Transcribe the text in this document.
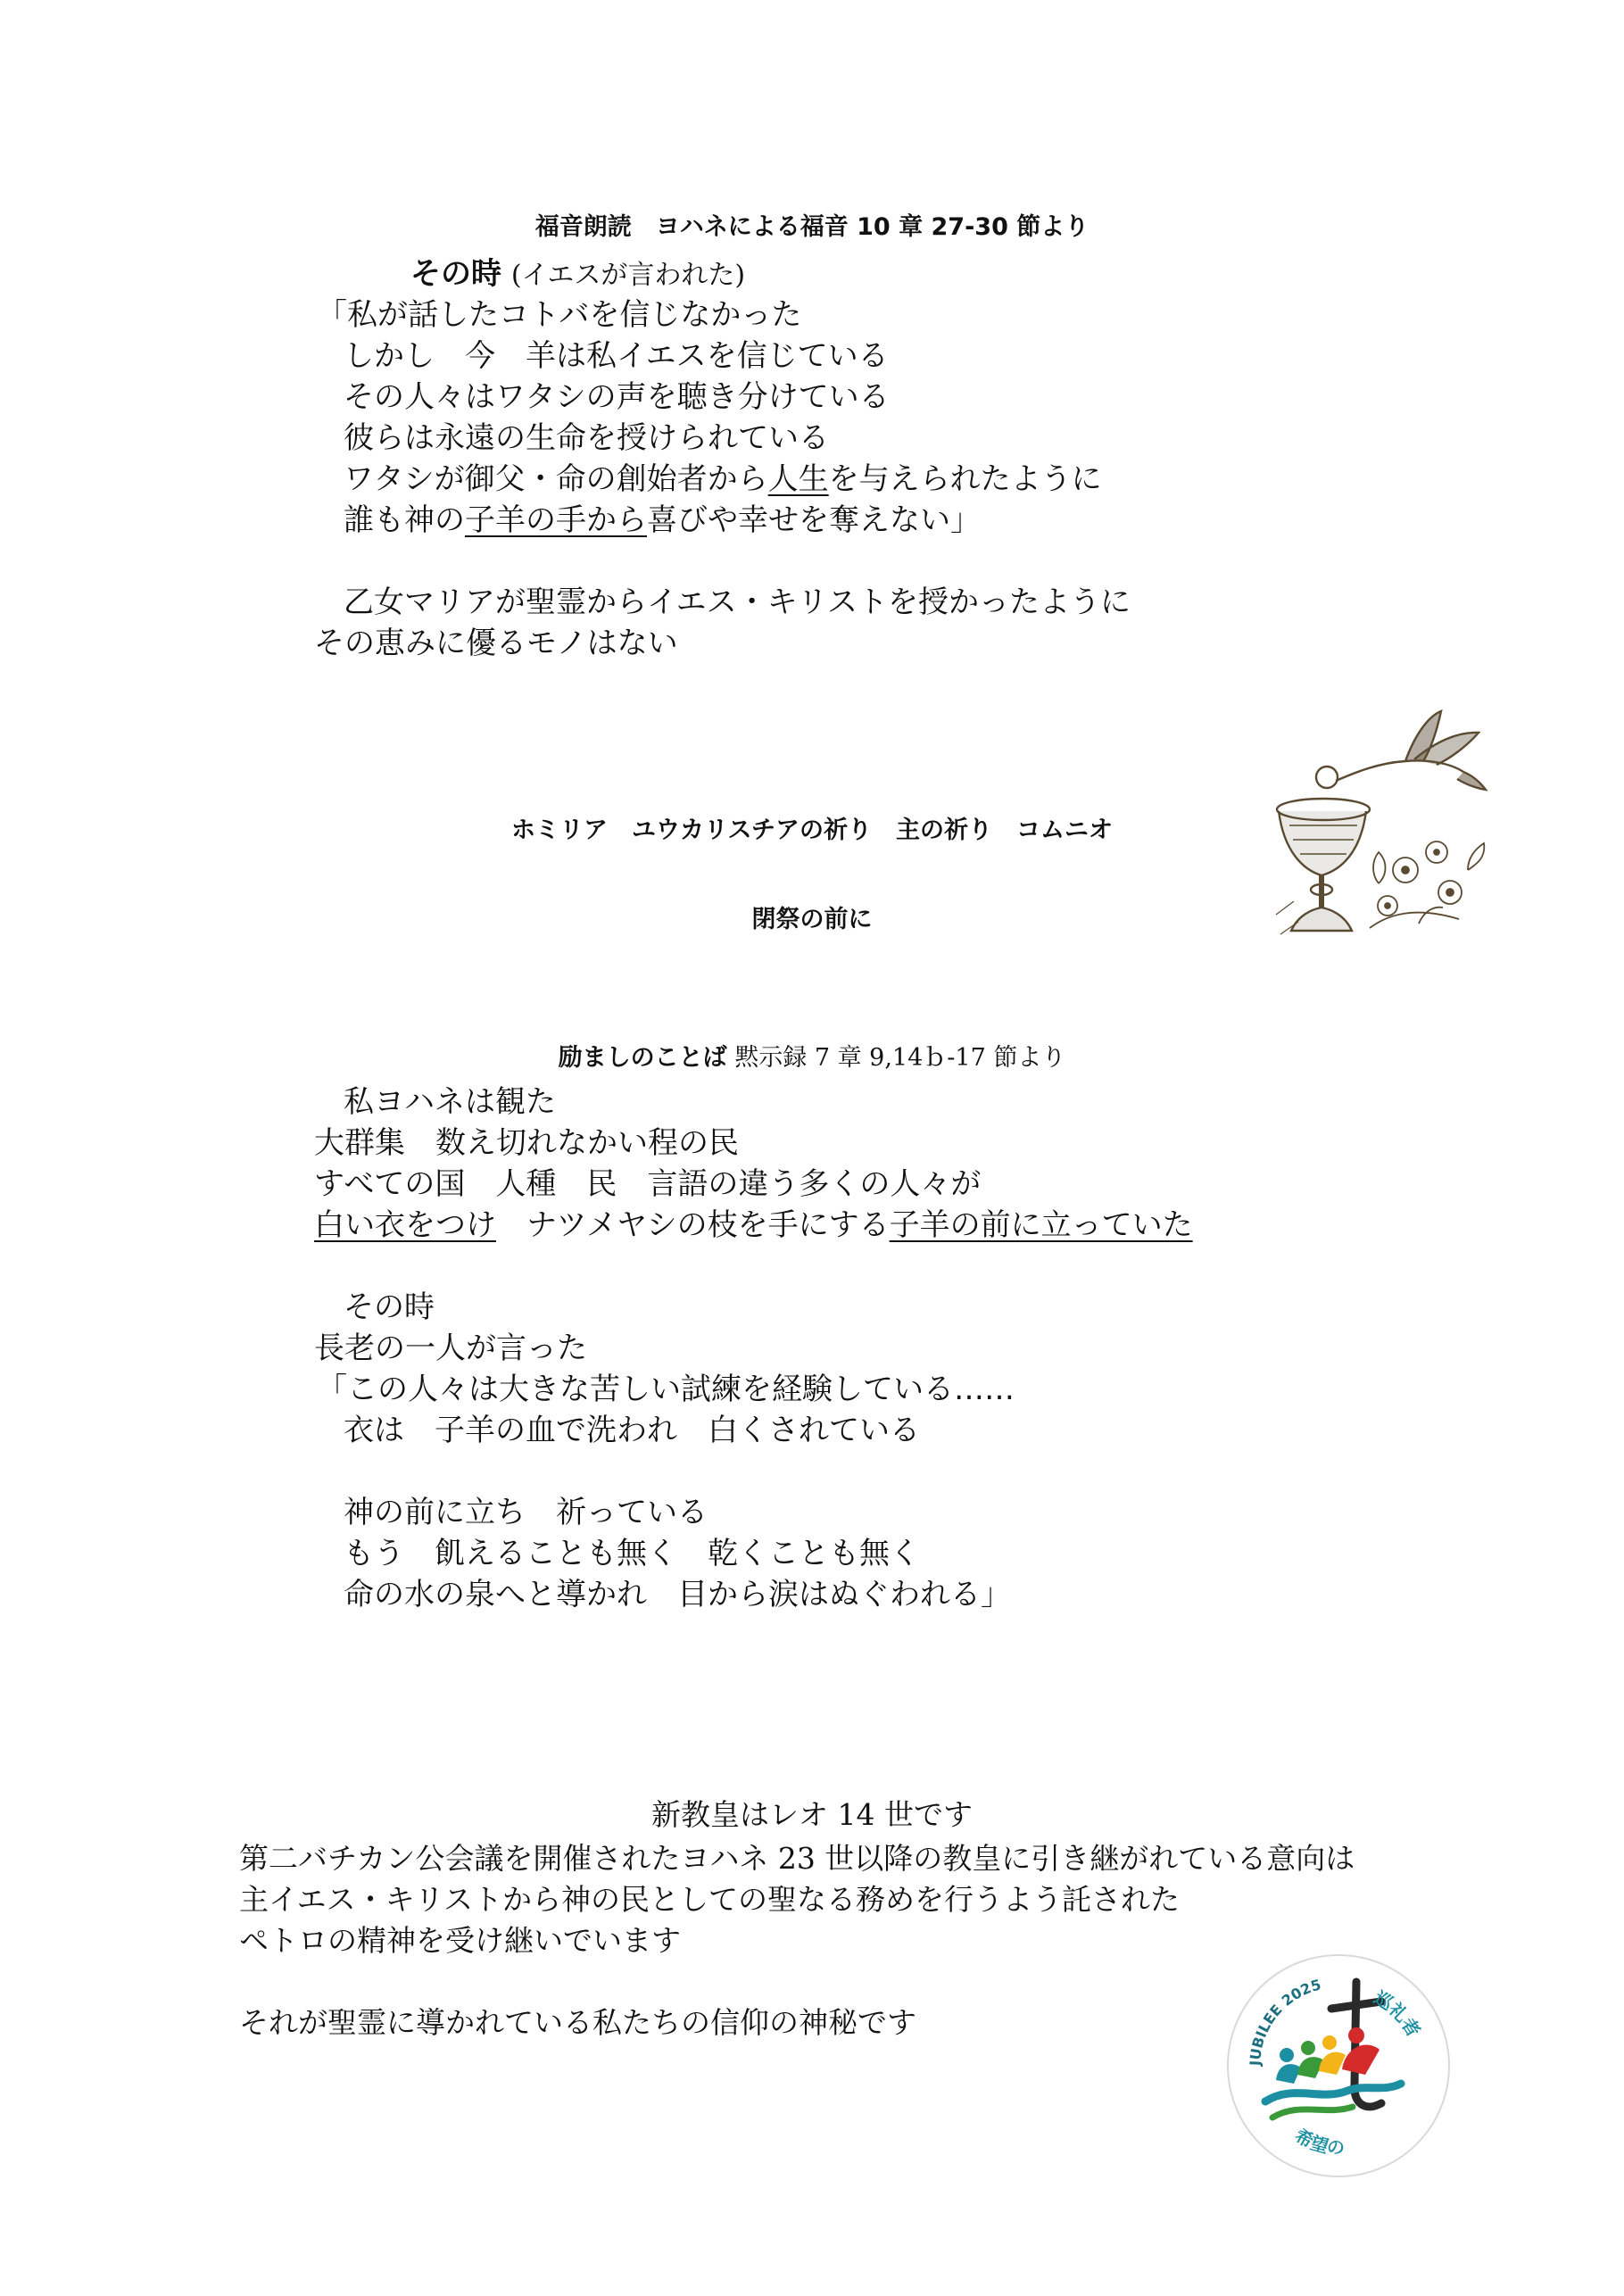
福音朗読　ヨハネによる福音 10 章 27-30 節より
その時 (イエスが言われた)
「私が話したコトバを信じなかった
しかし　今　羊は私イエスを信じている
その人々はワタシの声を聴き分けている
彼らは永遠の生命を授けられている
ワタシが御父・命の創始者から人生を与えられたように
誰も神の子羊の手から喜びや幸せを奪えない」
乙女マリアが聖霊からイエス・キリストを授かったように
その恵みに優るモノはない
ホミリア　ユウカリスチアの祈り　主の祈り　コムニオ
閉祭の前に
励ましのことば 黙示録 7 章 9,14ｂ-17 節より
私ヨハネは観た
大群集　数え切れなかい程の民
すべての国　人種　民　言語の違う多くの人々が
白い衣をつけ　ナツメヤシの枝を手にする子羊の前に立っていた
その時
長老の一人が言った
「この人々は大きな苦しい試練を経験している……
衣は　子羊の血で洗われ　白くされている
神の前に立ち　祈っている
もう　飢えることも無く　乾くことも無く
命の水の泉へと導かれ　目から涙はぬぐわれる」
新教皇はレオ 14 世です
第二バチカン公会議を開催されたヨハネ 23 世以降の教皇に引き継がれている意向は
主イエス・キリストから神の民としての聖なる務めを行うよう託された
ペトロの精神を受け継いでいます
それが聖霊に導かれている私たちの信仰の神秘です
JUBILEE 2025
巡礼者
希望の
